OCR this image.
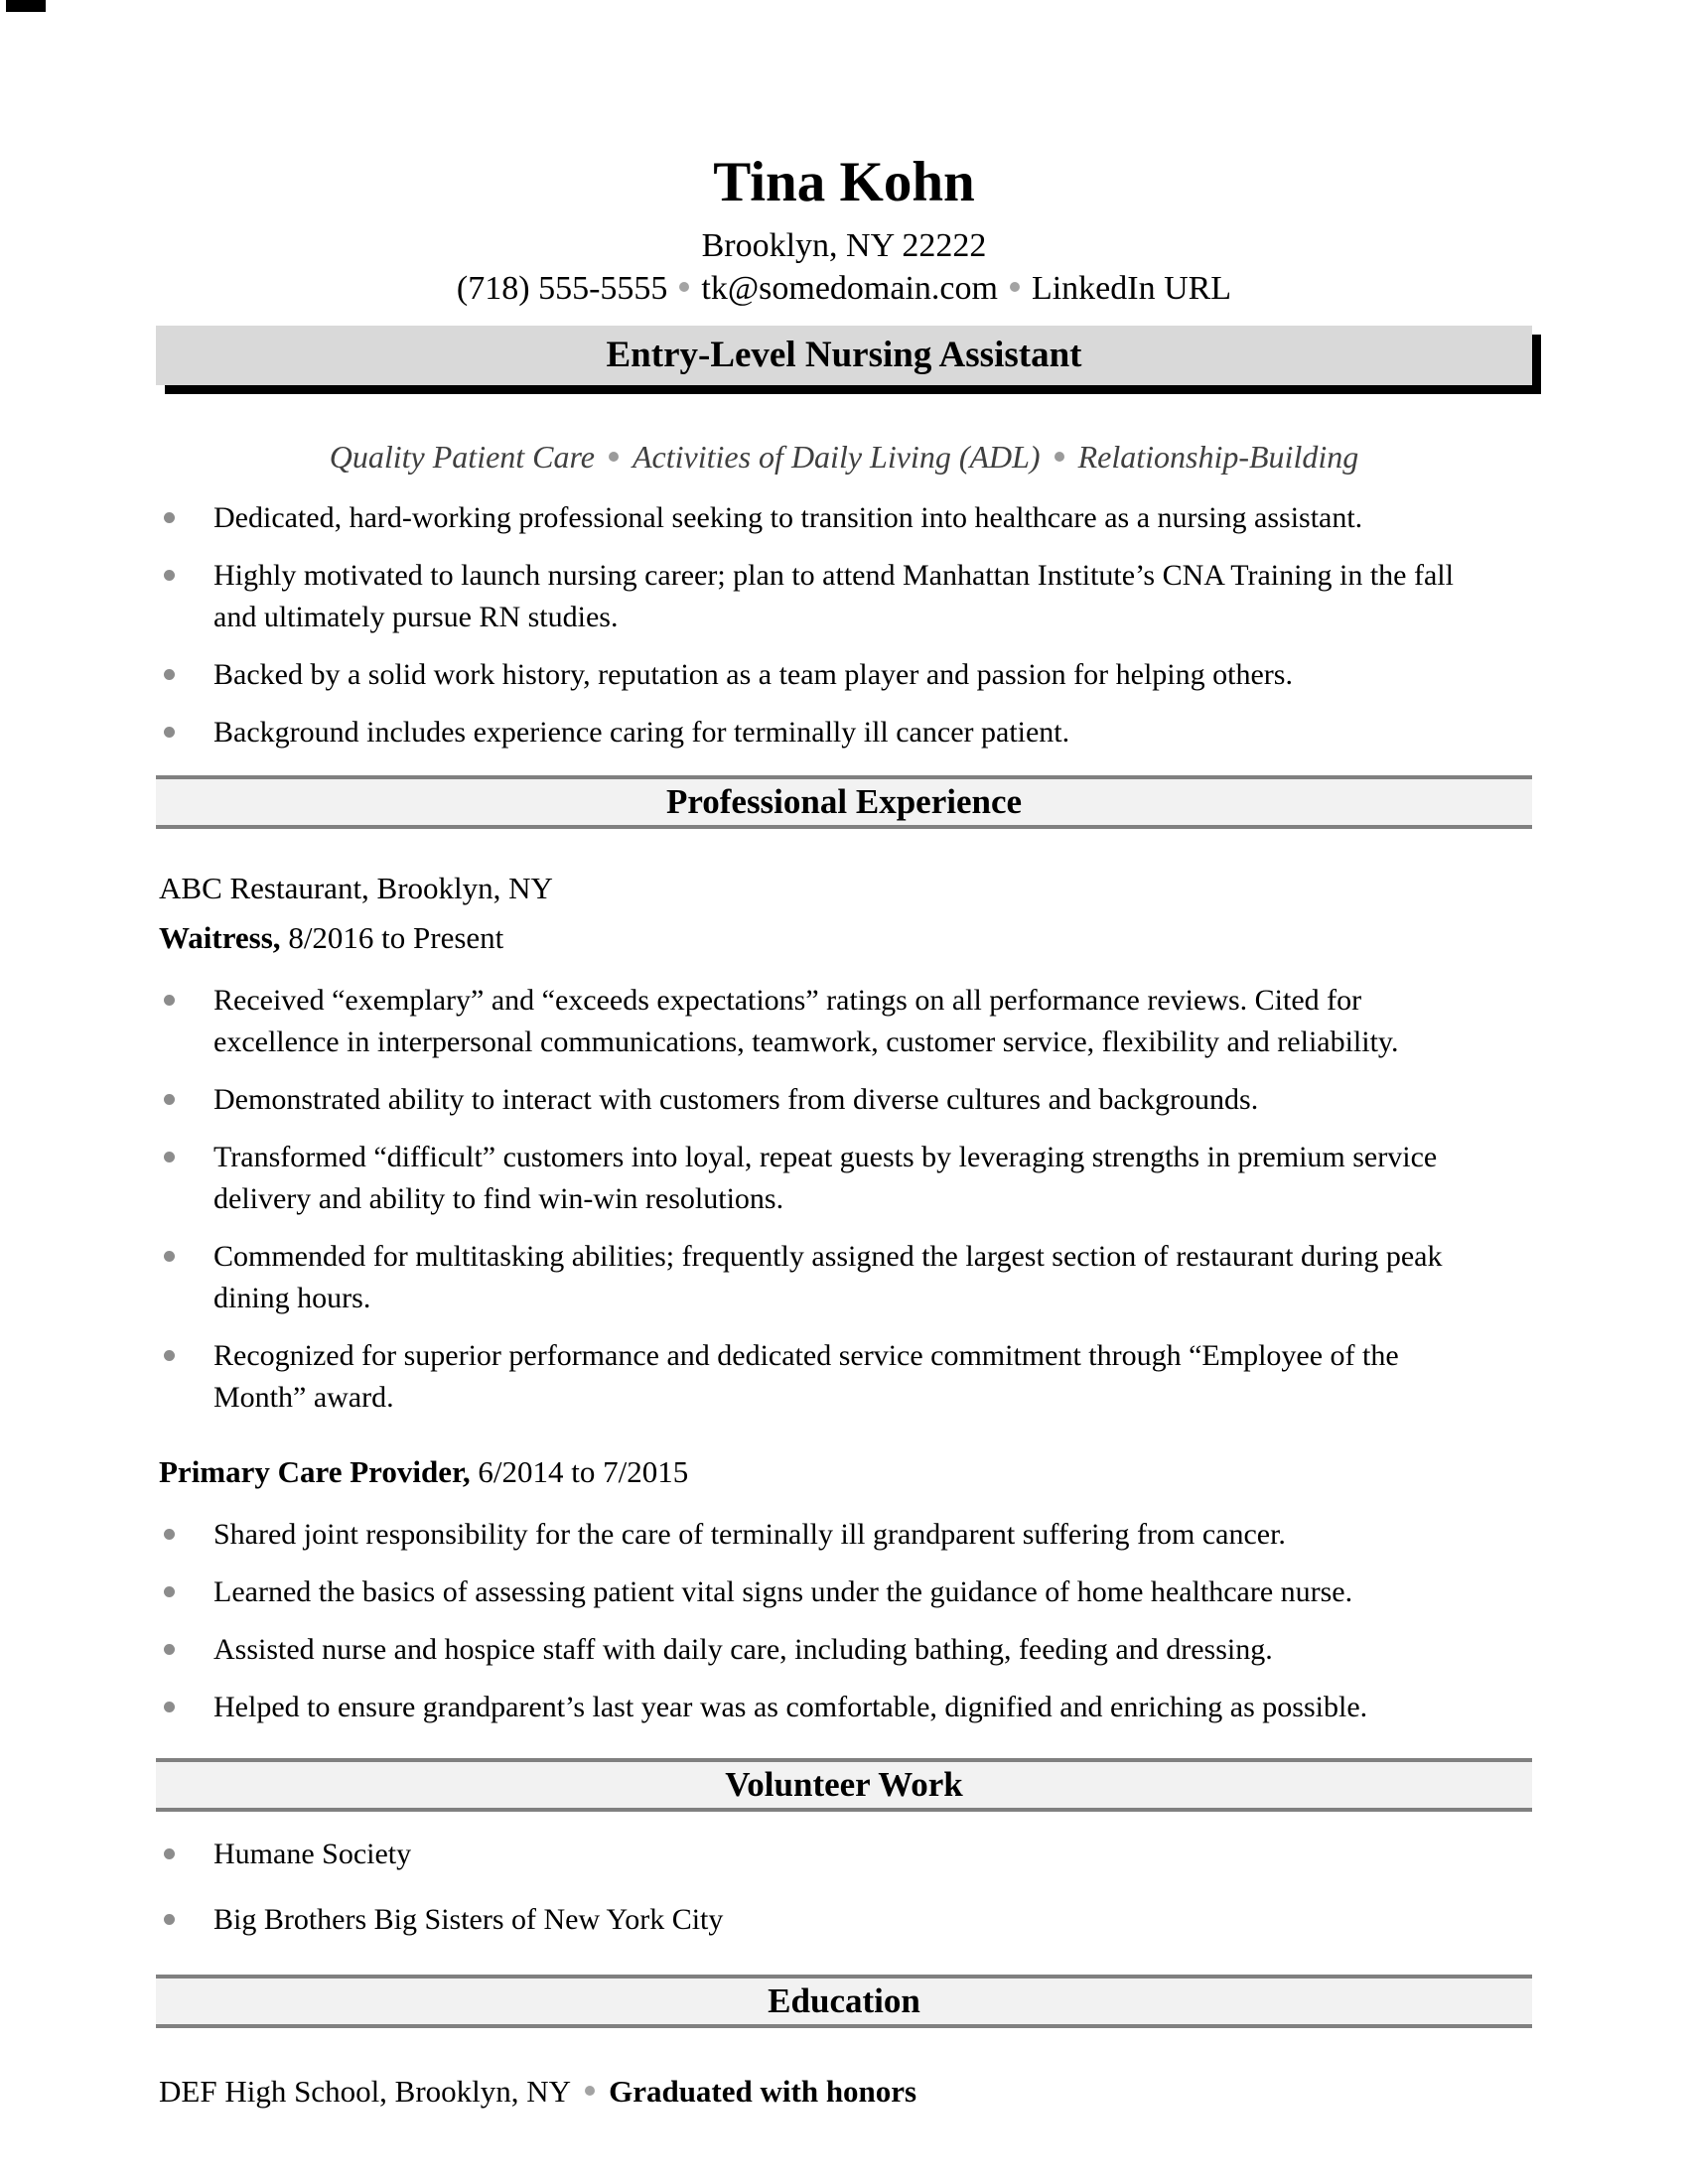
Tina Kohn
Brooklyn, NY 22222
(718) 555-5555 tk@somedomain.com LinkedIn URL
Entry-Level Nursing Assistant
Quality Patient Care Activities of Daily Living (ADL) Relationship-Building
Dedicated, hard-working professional seeking to transition into healthcare as a nursing assistant.
Highly motivated to launch nursing career; plan to attend Manhattan Institute’s CNA Training in the fall and ultimately pursue RN studies.
Backed by a solid work history, reputation as a team player and passion for helping others.
Background includes experience caring for terminally ill cancer patient.
Professional Experience
ABC Restaurant, Brooklyn, NY
Waitress, 8/2016 to Present
Received “exemplary” and “exceeds expectations” ratings on all performance reviews. Cited for excellence in interpersonal communications, teamwork, customer service, flexibility and reliability.
Demonstrated ability to interact with customers from diverse cultures and backgrounds.
Transformed “difficult” customers into loyal, repeat guests by leveraging strengths in premium service delivery and ability to find win-win resolutions.
Commended for multitasking abilities; frequently assigned the largest section of restaurant during peak dining hours.
Recognized for superior performance and dedicated service commitment through “Employee of the Month” award.
Primary Care Provider, 6/2014 to 7/2015
Shared joint responsibility for the care of terminally ill grandparent suffering from cancer.
Learned the basics of assessing patient vital signs under the guidance of home healthcare nurse.
Assisted nurse and hospice staff with daily care, including bathing, feeding and dressing.
Helped to ensure grandparent’s last year was as comfortable, dignified and enriching as possible.
Volunteer Work
Humane Society
Big Brothers Big Sisters of New York City
Education
DEF High School, Brooklyn, NY Graduated with honors
